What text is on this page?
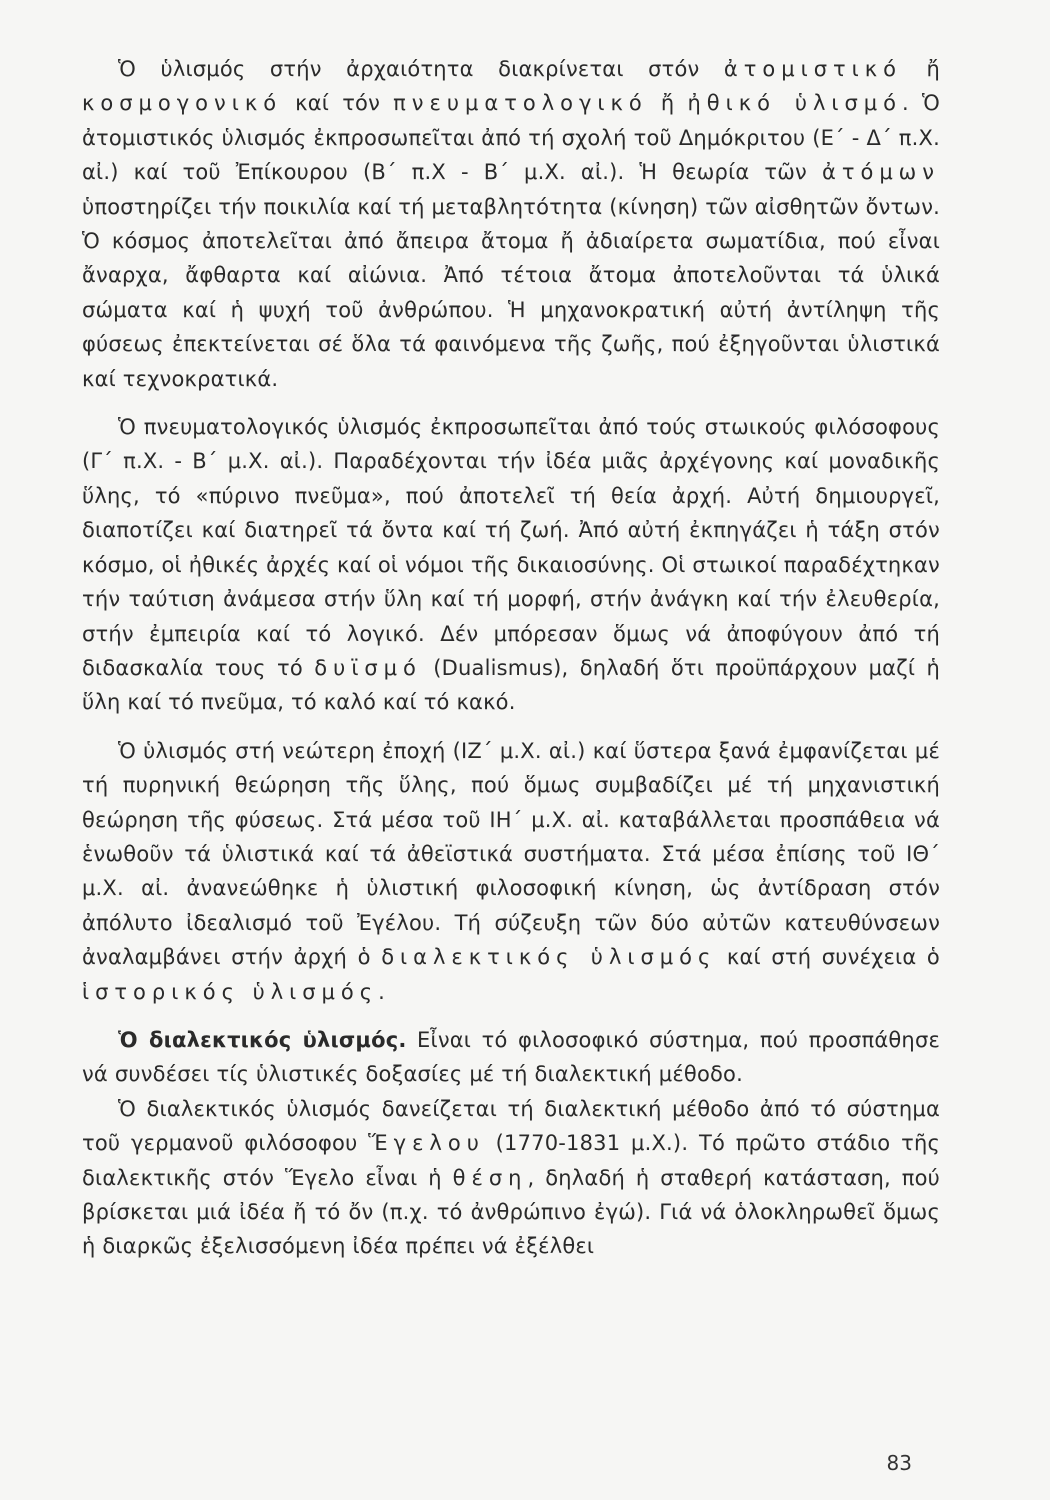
Ὁ ὑλισμός στήν ἀρχαιότητα διακρίνεται στόν ἀτομιστικό ἤ κοσμογονικό καί τόν πνευματολογικό ἤ ἠθικό ὑλισμό. Ὁ ἀτομιστικός ὑλισμός ἐκπροσωπεῖται ἀπό τή σχολή τοῦ Δημόκριτου (Ε΄ - Δ΄ π.Χ. αἰ.) καί τοῦ Ἐπίκουρου (Β΄ π.Χ - Β΄ μ.Χ. αἰ.). Ἡ θεωρία τῶν ἀτόμων ὑποστηρίζει τήν ποικιλία καί τή μεταβλητότητα (κίνηση) τῶν αἰσθητῶν ὄντων. Ὁ κόσμος ἀποτελεῖται ἀπό ἄπειρα ἄτομα ἤ ἀδιαίρετα σωματίδια, πού εἶναι ἄναρχα, ἄφθαρτα καί αἰώνια. Ἀπό τέτοια ἄτομα ἀποτελοῦνται τά ὑλικά σώματα καί ἡ ψυχή τοῦ ἀνθρώπου. Ἡ μηχανοκρατική αὐτή ἀντίληψη τῆς φύσεως ἐπεκτείνεται σέ ὅλα τά φαινόμενα τῆς ζωῆς, πού ἐξηγοῦνται ὑλιστικά καί τεχνοκρατικά.

Ὁ πνευματολογικός ὑλισμός ἐκπροσωπεῖται ἀπό τούς στωικούς φιλόσοφους (Γ΄ π.Χ. - Β΄ μ.Χ. αἰ.). Παραδέχονται τήν ἰδέα μιᾶς ἀρχέγονης καί μοναδικῆς ὕλης, τό «πύρινο πνεῦμα», πού ἀποτελεῖ τή θεία ἀρχή. Αὐτή δημιουργεῖ, διαποτίζει καί διατηρεῖ τά ὄντα καί τή ζωή. Ἀπό αὐτή ἐκπηγάζει ἡ τάξη στόν κόσμο, οἱ ἠθικές ἀρχές καί οἱ νόμοι τῆς δικαιοσύνης. Οἱ στωικοί παραδέχτηκαν τήν ταύτιση ἀνάμεσα στήν ὕλη καί τή μορφή, στήν ἀνάγκη καί τήν ἐλευθερία, στήν ἐμπειρία καί τό λογικό. Δέν μπόρεσαν ὅμως νά ἀποφύγουν ἀπό τή διδασκαλία τους τό δυϊσμό (Dualismus), δηλαδή ὅτι προϋπάρχουν μαζί ἡ ὕλη καί τό πνεῦμα, τό καλό καί τό κακό.

Ὁ ὑλισμός στή νεώτερη ἐποχή (ΙΖ΄ μ.Χ. αἰ.) καί ὕστερα ξανά ἐμφανίζεται μέ τή πυρηνική θεώρηση τῆς ὕλης, πού ὅμως συμβαδίζει μέ τή μηχανιστική θεώρηση τῆς φύσεως. Στά μέσα τοῦ ΙΗ΄ μ.Χ. αἰ. καταβάλλεται προσπάθεια νά ἑνωθοῦν τά ὑλιστικά καί τά ἀθεϊστικά συστήματα. Στά μέσα ἐπίσης τοῦ ΙΘ΄ μ.Χ. αἰ. ἀνανεώθηκε ἡ ὑλιστική φιλοσοφική κίνηση, ὡς ἀντίδραση στόν ἀπόλυτο ἰδεαλισμό τοῦ Ἐγέλου. Τή σύζευξη τῶν δύο αὐτῶν κατευθύνσεων ἀναλαμβάνει στήν ἀρχή ὁ διαλεκτικός ὑλισμός καί στή συνέχεια ὁ ἱστορικός ὑλισμός.

Ὁ διαλεκτικός ὑλισμός. Εἶναι τό φιλοσοφικό σύστημα, πού προσπάθησε νά συνδέσει τίς ὑλιστικές δοξασίες μέ τή διαλεκτική μέθοδο.

Ὁ διαλεκτικός ὑλισμός δανείζεται τή διαλεκτική μέθοδο ἀπό τό σύστημα τοῦ γερμανοῦ φιλόσοφου Ἕγελου (1770-1831 μ.Χ.). Τό πρῶτο στάδιο τῆς διαλεκτικῆς στόν Ἕγελο εἶναι ἡ θέση, δηλαδή ἡ σταθερή κατάσταση, πού βρίσκεται μιά ἰδέα ἤ τό ὄν (π.χ. τό ἀνθρώπινο ἐγώ). Γιά νά ὁλοκληρωθεῖ ὅμως ἡ διαρκῶς ἐξελισσόμενη ἰδέα πρέπει νά ἐξέλθει

83
